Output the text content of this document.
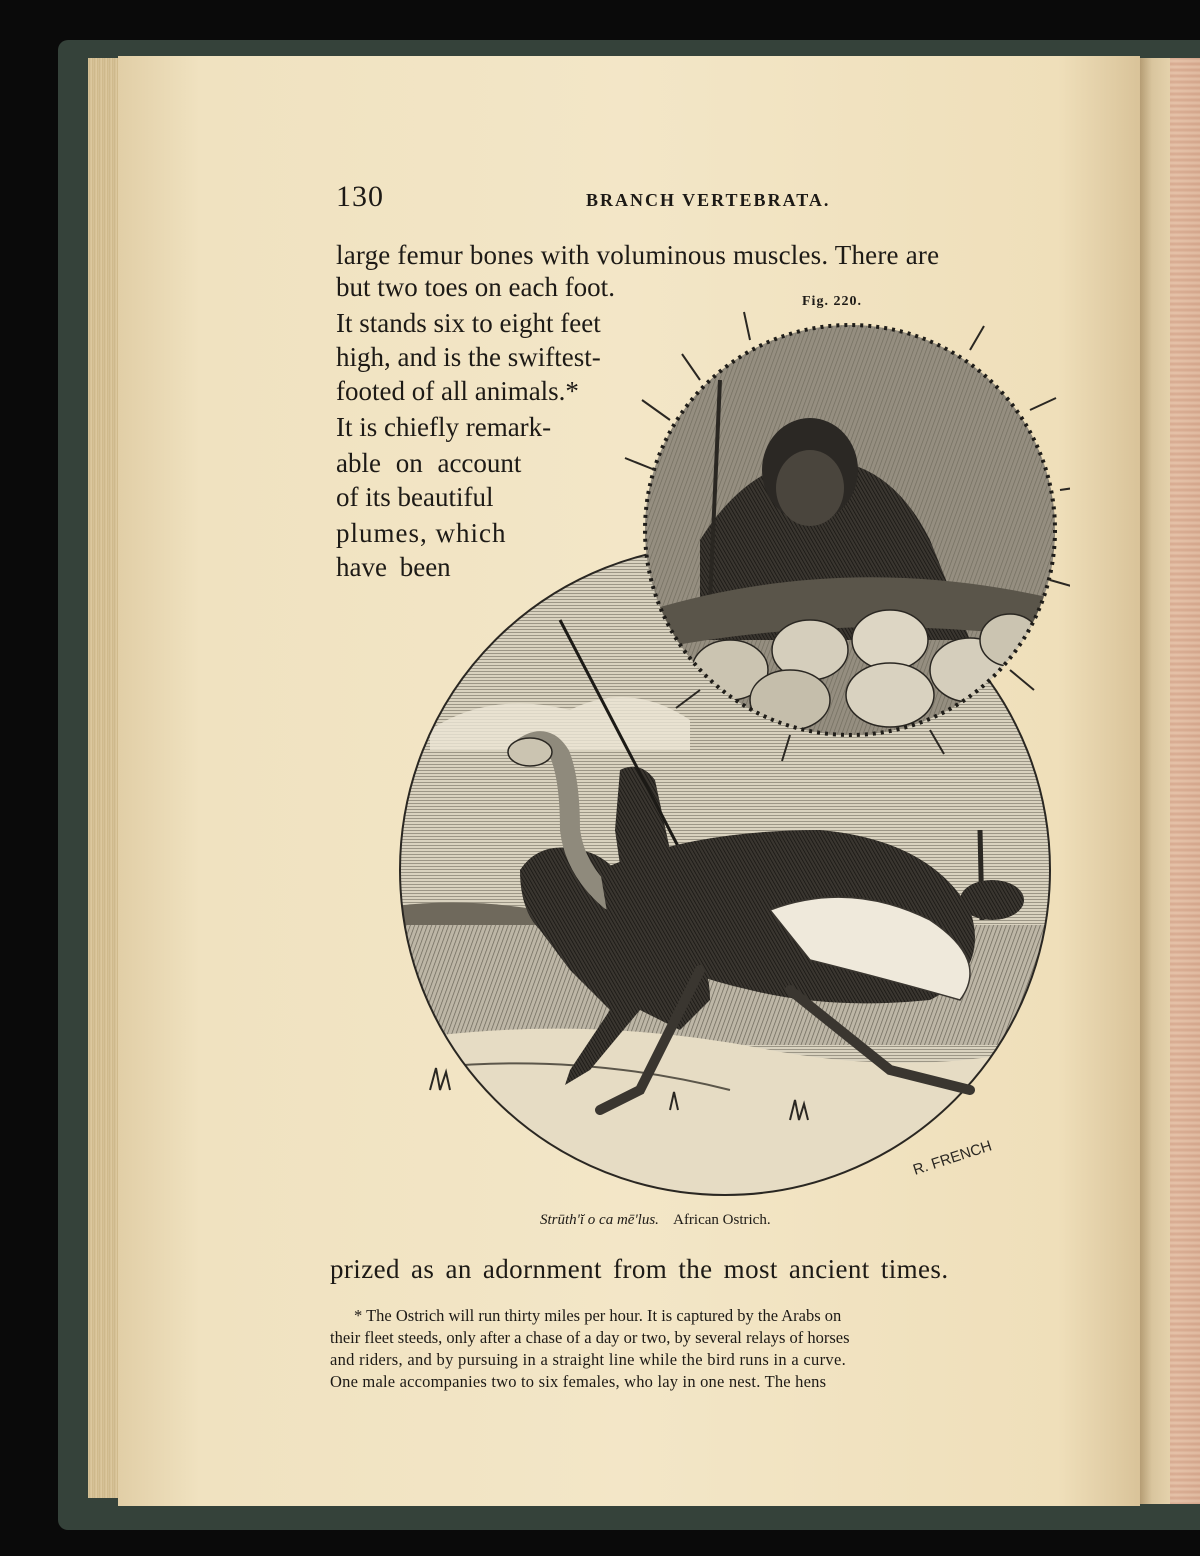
130	BRANCH VERTEBRATA.
large femur bones with voluminous muscles. There are
but two toes on each foot.
It stands six to eight feet
high, and is the swiftest-
footed of all animals.*
It is chiefly remark-
able on account
of its beautiful
plumes, which
have been
Fig. 220.
R. FRENCH
Strūth'ĭ o ca mē'lus. African Ostrich.
prized as an adornment from the most ancient times.
* The Ostrich will run thirty miles per hour. It is captured by the Arabs on
their fleet steeds, only after a chase of a day or two, by several relays of horses
and riders, and by pursuing in a straight line while the bird runs in a curve.
One male accompanies two to six females, who lay in one nest. The hens
